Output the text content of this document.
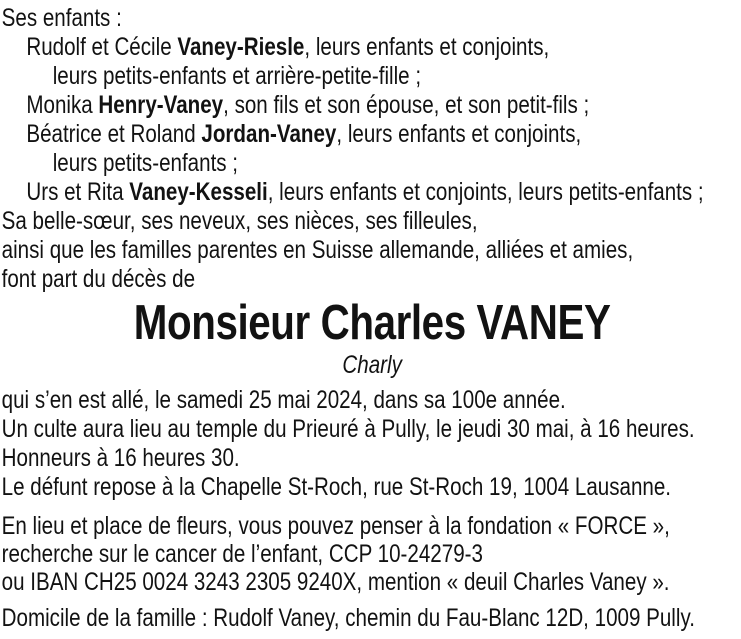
Ses enfants :
Rudolf et Cécile Vaney-Riesle, leurs enfants et conjoints,
leurs petits-enfants et arrière-petite-fille ;
Monika Henry-Vaney, son fils et son épouse, et son petit-fils ;
Béatrice et Roland Jordan-Vaney, leurs enfants et conjoints,
leurs petits-enfants ;
Urs et Rita Vaney-Kesseli, leurs enfants et conjoints, leurs petits-enfants ;
Sa belle-sœur, ses neveux, ses nièces, ses filleules,
ainsi que les familles parentes en Suisse allemande, alliées et amies,
font part du décès de
Monsieur Charles VANEY
Charly
qui s’en est allé, le samedi 25 mai 2024, dans sa 100e année.
Un culte aura lieu au temple du Prieuré à Pully, le jeudi 30 mai, à 16 heures.
Honneurs à 16 heures 30.
Le défunt repose à la Chapelle St-Roch, rue St-Roch 19, 1004 Lausanne.
En lieu et place de fleurs, vous pouvez penser à la fondation « FORCE »,
recherche sur le cancer de l’enfant, CCP 10-24279-3
ou IBAN CH25 0024 3243 2305 9240X, mention « deuil Charles Vaney ».
Domicile de la famille : Rudolf Vaney, chemin du Fau-Blanc 12D, 1009 Pully.
